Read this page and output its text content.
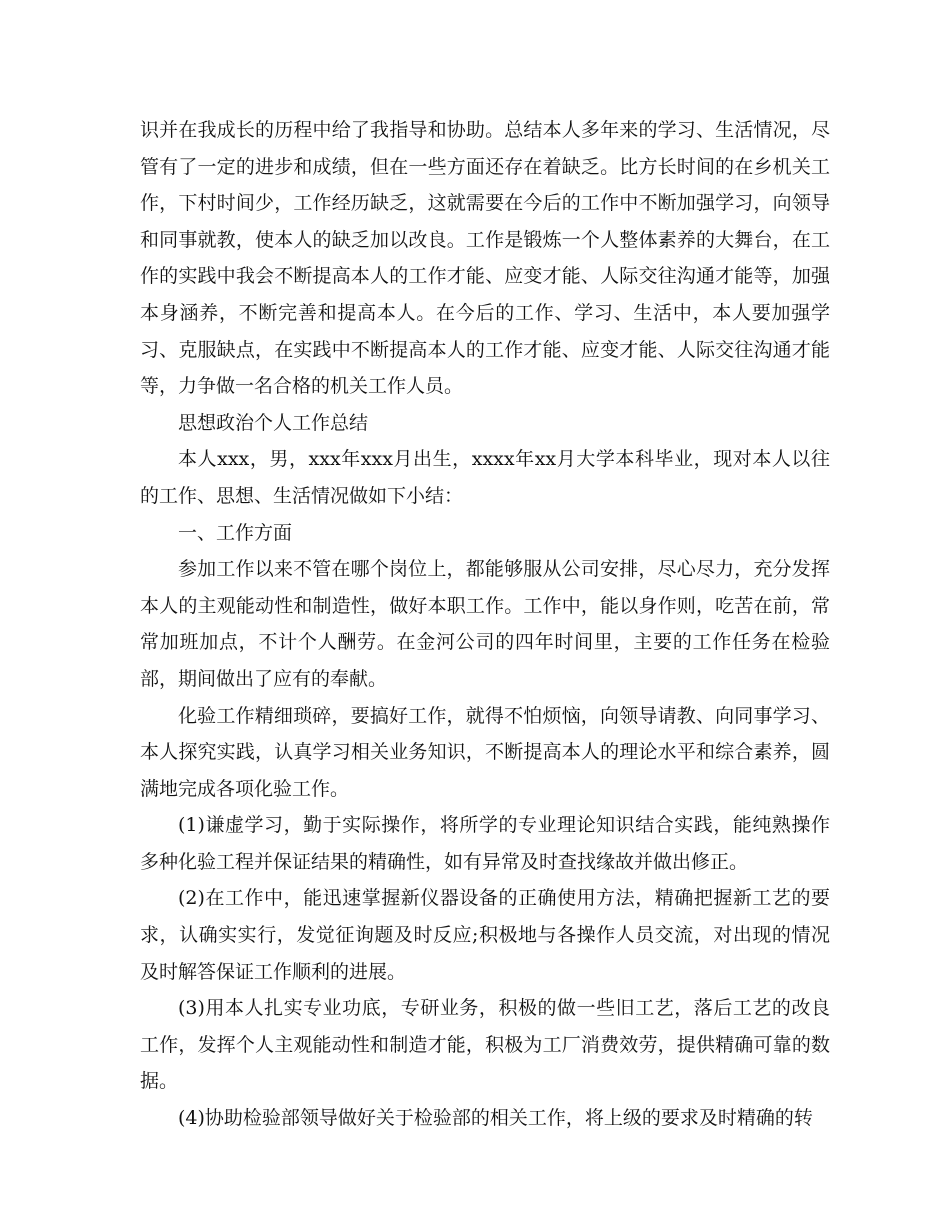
识并在我成长的历程中给了我指导和协助。总结本人多年来的学习、生活情况，尽管有了一定的进步和成绩，但在一些方面还存在着缺乏。比方长时间的在乡机关工作，下村时间少，工作经历缺乏，这就需要在今后的工作中不断加强学习，向领导和同事就教，使本人的缺乏加以改良。工作是锻炼一个人整体素养的大舞台，在工作的实践中我会不断提高本人的工作才能、应变才能、人际交往沟通才能等，加强本身涵养，不断完善和提高本人。在今后的工作、学习、生活中，本人要加强学习、克服缺点，在实践中不断提高本人的工作才能、应变才能、人际交往沟通才能等，力争做一名合格的机关工作人员。

思想政治个人工作总结

本人xxx，男，xxx年xxx月出生，xxxx年xx月大学本科毕业，现对本人以往的工作、思想、生活情况做如下小结：

一、工作方面

参加工作以来不管在哪个岗位上，都能够服从公司安排，尽心尽力，充分发挥本人的主观能动性和制造性，做好本职工作。工作中，能以身作则，吃苦在前，常常加班加点，不计个人酬劳。在金河公司的四年时间里，主要的工作任务在检验部，期间做出了应有的奉献。

化验工作精细琐碎，要搞好工作，就得不怕烦恼，向领导请教、向同事学习、本人探究实践，认真学习相关业务知识，不断提高本人的理论水平和综合素养，圆满地完成各项化验工作。

(1)谦虚学习，勤于实际操作，将所学的专业理论知识结合实践，能纯熟操作多种化验工程并保证结果的精确性，如有异常及时查找缘故并做出修正。

(2)在工作中，能迅速掌握新仪器设备的正确使用方法，精确把握新工艺的要求，认确实实行，发觉征询题及时反应;积极地与各操作人员交流，对出现的情况及时解答保证工作顺利的进展。

(3)用本人扎实专业功底，专研业务，积极的做一些旧工艺，落后工艺的改良工作，发挥个人主观能动性和制造才能，积极为工厂消费效劳，提供精确可靠的数据。

(4)协助检验部领导做好关于检验部的相关工作，将上级的要求及时精确的转
